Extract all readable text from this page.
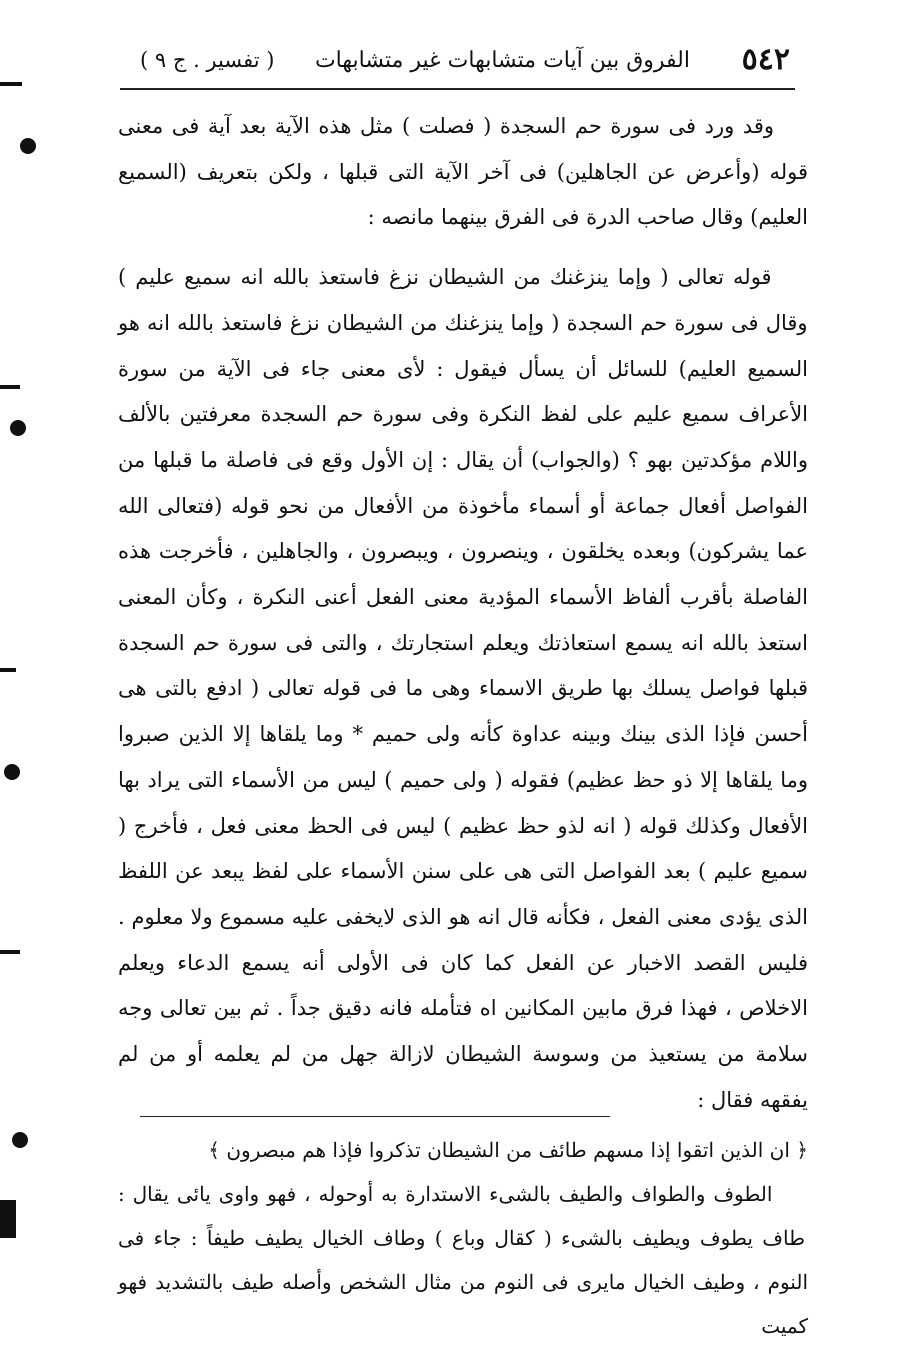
٥٤٢
الفروق بين آيات متشابهات غير متشابهات
( تفسير . ج ٩ )

وقد ورد فى سورة حم السجدة ( فصلت ) مثل هذه الآية بعد آية فى معنى قوله (وأعرض عن الجاهلين) فى آخر الآية التى قبلها ، ولكن بتعريف (السميع العليم) وقال صاحب الدرة فى الفرق بينهما مانصه :

قوله تعالى ( وإما ينزغنك من الشيطان نزغ فاستعذ بالله انه سميع عليم ) وقال فى سورة حم السجدة ( وإما ينزغنك من الشيطان نزغ فاستعذ بالله انه هو السميع العليم) للسائل أن يسأل فيقول : لأى معنى جاء فى الآية من سورة الأعراف سميع عليم على لفظ النكرة وفى سورة حم السجدة معرفتين بالألف واللام مؤكدتين بهو ؟ (والجواب) أن يقال : إن الأول وقع فى فاصلة ما قبلها من الفواصل أفعال جماعة أو أسماء مأخوذة من الأفعال من نحو قوله (فتعالى الله عما يشركون) وبعده يخلقون ، وينصرون ، ويبصرون ، والجاهلين ، فأخرجت هذه الفاصلة بأقرب ألفاظ الأسماء المؤدية معنى الفعل أعنى النكرة ، وكأن المعنى استعذ بالله انه يسمع استعاذتك ويعلم استجارتك ، والتى فى سورة حم السجدة قبلها فواصل يسلك بها طريق الاسماء وهى ما فى قوله تعالى ( ادفع بالتى هى أحسن فإذا الذى بينك وبينه عداوة كأنه ولى حميم * وما يلقاها إلا الذين صبروا وما يلقاها إلا ذو حظ عظيم) فقوله ( ولى حميم ) ليس من الأسماء التى يراد بها الأفعال وكذلك قوله ( انه لذو حظ عظيم ) ليس فى الحظ معنى فعل ، فأخرج ( سميع عليم ) بعد الفواصل التى هى على سنن الأسماء على لفظ يبعد عن اللفظ الذى يؤدى معنى الفعل ، فكأنه قال انه هو الذى لايخفى عليه مسموع ولا معلوم . فليس القصد الاخبار عن الفعل كما كان فى الأولى أنه يسمع الدعاء ويعلم الاخلاص ، فهذا فرق مابين المكانين اه فتأمله فانه دقيق جداً . ثم بين تعالى وجه سلامة من يستعيذ من وسوسة الشيطان لازالة جهل من لم يعلمه أو من لم يفقهه فقال :

﴿ ان الذين اتقوا إذا مسهم طائف من الشيطان تذكروا فإذا هم مبصرون ﴾

الطوف والطواف والطيف بالشىء الاستدارة به أوحوله ، فهو واوى يائى يقال : طاف يطوف ويطيف بالشىء ( كقال وباع ) وطاف الخيال يطيف طيفاً : جاء فى النوم ، وطيف الخيال مايرى فى النوم من مثال الشخص وأصله طيف بالتشديد فهو كميت
